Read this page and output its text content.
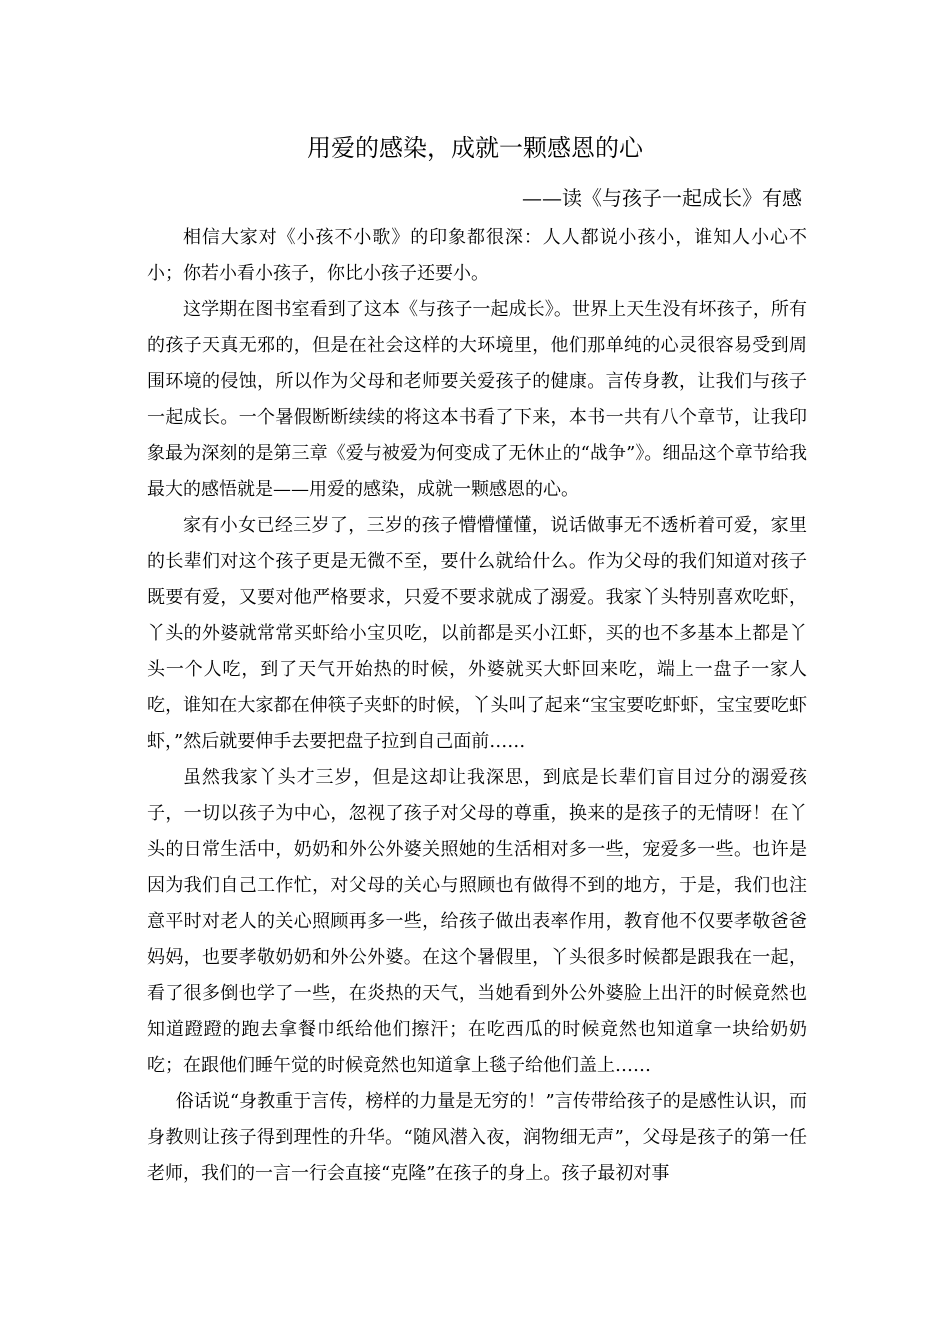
用爱的感染，成就一颗感恩的心
——读《与孩子一起成长》有感

相信大家对《小孩不小歌》的印象都很深：人人都说小孩小，谁知人小心不小；你若小看小孩子，你比小孩子还要小。

这学期在图书室看到了这本《与孩子一起成长》。世界上天生没有坏孩子，所有的孩子天真无邪的，但是在社会这样的大环境里，他们那单纯的心灵很容易受到周围环境的侵蚀，所以作为父母和老师要关爱孩子的健康。言传身教，让我们与孩子一起成长。一个暑假断断续续的将这本书看了下来，本书一共有八个章节，让我印象最为深刻的是第三章《爱与被爱为何变成了无休止的“战争”》。细品这个章节给我最大的感悟就是——用爱的感染，成就一颗感恩的心。

家有小女已经三岁了，三岁的孩子懵懵懂懂，说话做事无不透析着可爱，家里的长辈们对这个孩子更是无微不至，要什么就给什么。作为父母的我们知道对孩子既要有爱，又要对他严格要求，只爱不要求就成了溺爱。我家丫头特别喜欢吃虾，丫头的外婆就常常买虾给小宝贝吃，以前都是买小江虾，买的也不多基本上都是丫头一个人吃，到了天气开始热的时候，外婆就买大虾回来吃，端上一盘子一家人吃，谁知在大家都在伸筷子夹虾的时候，丫头叫了起来“宝宝要吃虾虾，宝宝要吃虾虾，”然后就要伸手去要把盘子拉到自己面前……

虽然我家丫头才三岁，但是这却让我深思，到底是长辈们盲目过分的溺爱孩子，一切以孩子为中心，忽视了孩子对父母的尊重，换来的是孩子的无情呀！在丫头的日常生活中，奶奶和外公外婆关照她的生活相对多一些，宠爱多一些。也许是因为我们自己工作忙，对父母的关心与照顾也有做得不到的地方，于是，我们也注意平时对老人的关心照顾再多一些，给孩子做出表率作用，教育他不仅要孝敬爸爸妈妈，也要孝敬奶奶和外公外婆。在这个暑假里，丫头很多时候都是跟我在一起，看了很多倒也学了一些，在炎热的天气，当她看到外公外婆脸上出汗的时候竟然也知道蹬蹬的跑去拿餐巾纸给他们擦汗；在吃西瓜的时候竟然也知道拿一块给奶奶吃；在跟他们睡午觉的时候竟然也知道拿上毯子给他们盖上……

俗话说“身教重于言传，榜样的力量是无穷的！”言传带给孩子的是感性认识，而身教则让孩子得到理性的升华。“随风潜入夜，润物细无声”，父母是孩子的第一任老师，我们的一言一行会直接“克隆”在孩子的身上。孩子最初对事
